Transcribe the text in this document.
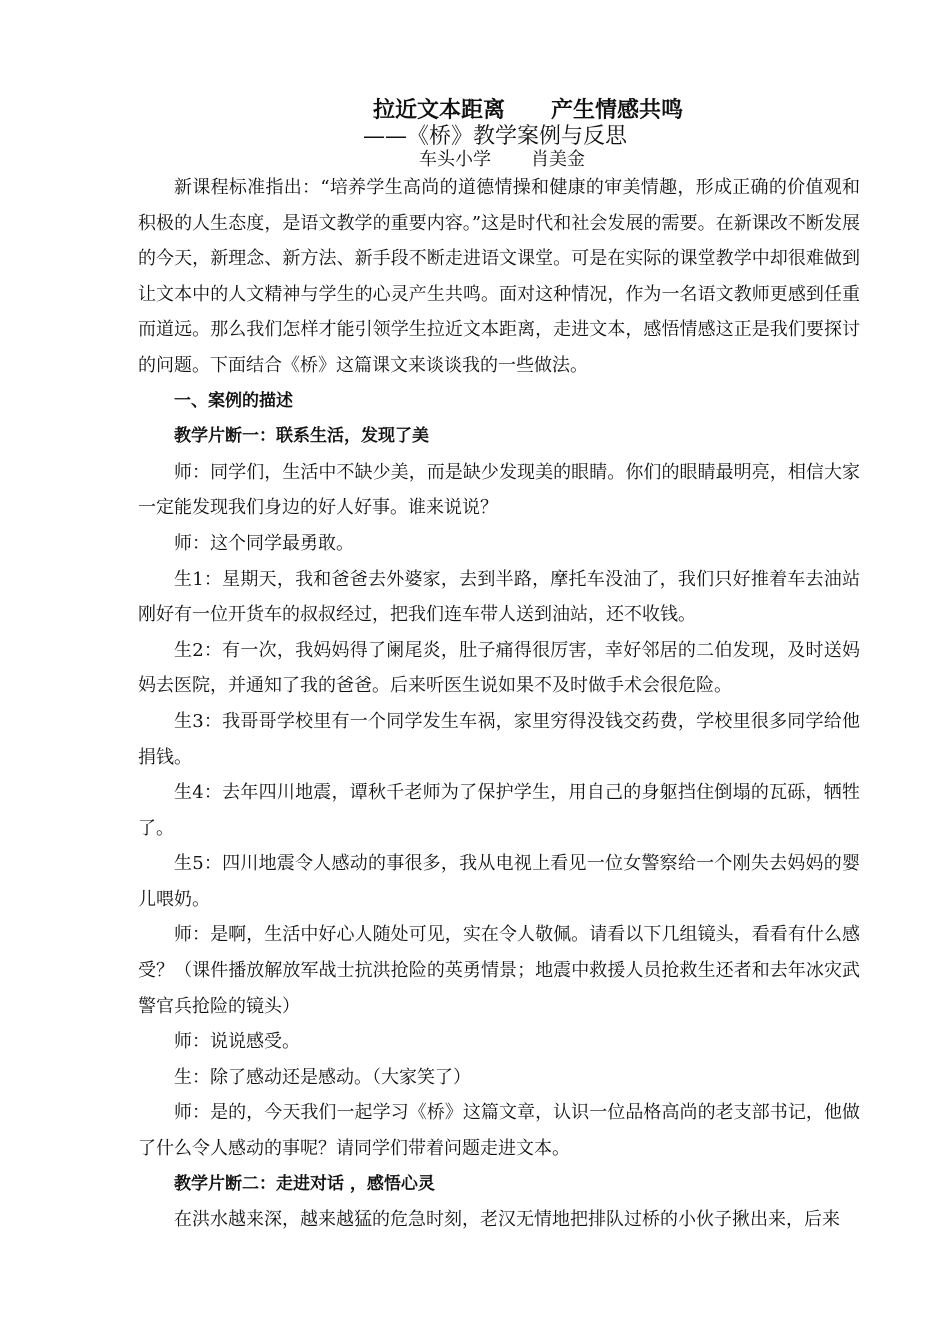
拉近文本距离      产生情感共鸣
——《桥》教学案例与反思
车头小学 肖美金

新课程标准指出：“培养学生高尚的道德情操和健康的审美情趣，形成正确的价值观和积极的人生态度，是语文教学的重要内容。”这是时代和社会发展的需要。在新课改不断发展的今天，新理念、新方法、新手段不断走进语文课堂。可是在实际的课堂教学中却很难做到让文本中的人文精神与学生的心灵产生共鸣。面对这种情况，作为一名语文教师更感到任重而道远。那么我们怎样才能引领学生拉近文本距离，走进文本，感悟情感这正是我们要探讨的问题。下面结合《桥》这篇课文来谈谈我的一些做法。

一、案例的描述

教学片断一：联系生活，发现了美

师：同学们，生活中不缺少美，而是缺少发现美的眼睛。你们的眼睛最明亮，相信大家一定能发现我们身边的好人好事。谁来说说？

师：这个同学最勇敢。

生1：星期天，我和爸爸去外婆家，去到半路，摩托车没油了，我们只好推着车去油站刚好有一位开货车的叔叔经过，把我们连车带人送到油站，还不收钱。

生2：有一次，我妈妈得了阑尾炎，肚子痛得很厉害，幸好邻居的二伯发现，及时送妈妈去医院，并通知了我的爸爸。后来听医生说如果不及时做手术会很危险。

生3：我哥哥学校里有一个同学发生车祸，家里穷得没钱交药费，学校里很多同学给他捐钱。

生4：去年四川地震，谭秋千老师为了保护学生，用自己的身躯挡住倒塌的瓦砾，牺牲了。

生5：四川地震令人感动的事很多，我从电视上看见一位女警察给一个刚失去妈妈的婴儿喂奶。

师：是啊，生活中好心人随处可见，实在令人敬佩。请看以下几组镜头，看看有什么感受？（课件播放解放军战士抗洪抢险的英勇情景；地震中救援人员抢救生还者和去年冰灾武警官兵抢险的镜头）

师：说说感受。

生：除了感动还是感动。（大家笑了）

师：是的，今天我们一起学习《桥》这篇文章，认识一位品格高尚的老支部书记，他做了什么令人感动的事呢？请同学们带着问题走进文本。

教学片断二：走进对话 ，感悟心灵

在洪水越来深，越来越猛的危急时刻，老汉无情地把排队过桥的小伙子揪出来，后来
